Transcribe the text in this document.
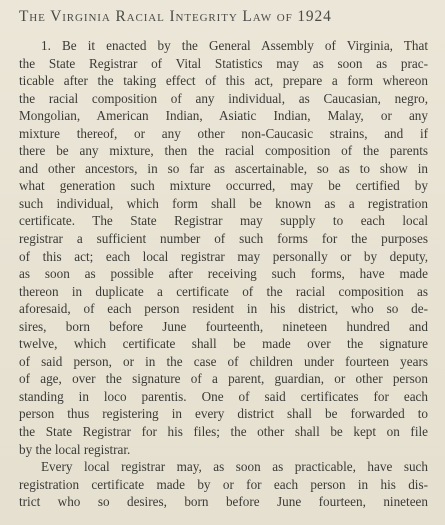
The Virginia Racial Integrity Law of 1924
1. Be it enacted by the General Assembly of Virginia, That
the State Registrar of Vital Statistics may as soon as prac-
ticable after the taking effect of this act, prepare a form whereon
the racial composition of any individual, as Caucasian, negro,
Mongolian, American Indian, Asiatic Indian, Malay, or any
mixture thereof, or any other non-Caucasic strains, and if
there be any mixture, then the racial composition of the parents
and other ancestors, in so far as ascertainable, so as to show in
what generation such mixture occurred, may be certified by
such individual, which form shall be known as a registration
certificate. The State Registrar may supply to each local
registrar a sufficient number of such forms for the purposes
of this act; each local registrar may personally or by deputy,
as soon as possible after receiving such forms, have made
thereon in duplicate a certificate of the racial composition as
aforesaid, of each person resident in his district, who so de-
sires, born before June fourteenth, nineteen hundred and
twelve, which certificate shall be made over the signature
of said person, or in the case of children under fourteen years
of age, over the signature of a parent, guardian, or other person
standing in loco parentis. One of said certificates for each
person thus registering in every district shall be forwarded to
the State Registrar for his files; the other shall be kept on file
by the local registrar.
Every local registrar may, as soon as practicable, have such
registration certificate made by or for each person in his dis-
trict who so desires, born before June fourteen, nineteen
